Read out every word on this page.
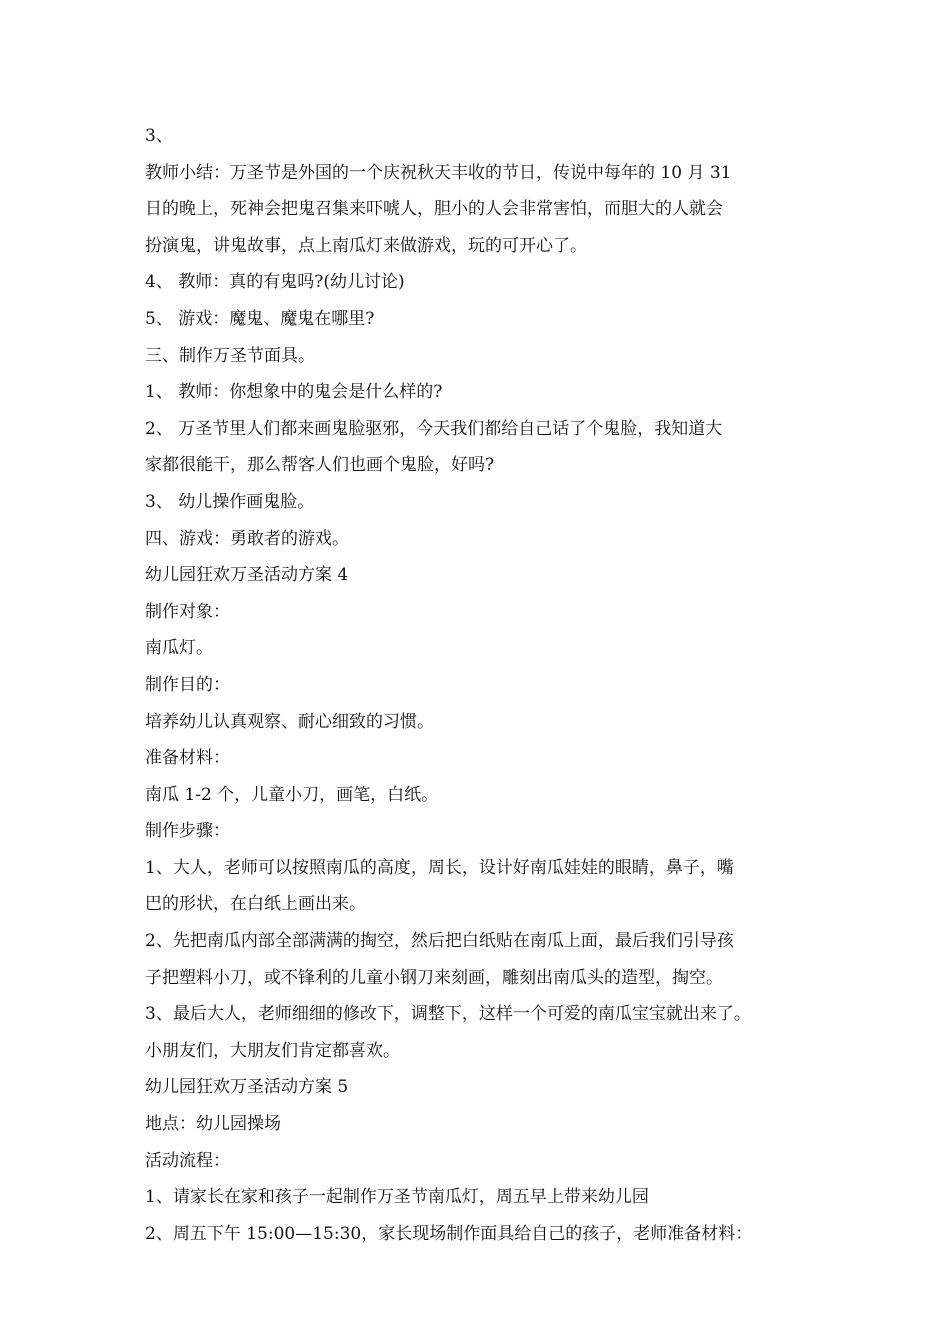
3、
教师小结：万圣节是外国的一个庆祝秋天丰收的节日，传说中每年的 10 月 31
日的晚上，死神会把鬼召集来吓唬人，胆小的人会非常害怕，而胆大的人就会
扮演鬼，讲鬼故事，点上南瓜灯来做游戏，玩的可开心了。
4、 教师：真的有鬼吗?(幼儿讨论)
5、 游戏：魔鬼、魔鬼在哪里?
三、制作万圣节面具。
1、 教师：你想象中的鬼会是什么样的?
2、 万圣节里人们都来画鬼脸驱邪，今天我们都给自己话了个鬼脸，我知道大
家都很能干，那么帮客人们也画个鬼脸，好吗?
3、 幼儿操作画鬼脸。
四、游戏：勇敢者的游戏。
幼儿园狂欢万圣活动方案 4
制作对象：
南瓜灯。
制作目的：
培养幼儿认真观察、耐心细致的习惯。
准备材料：
南瓜 1-2 个，儿童小刀，画笔，白纸。
制作步骤：
1、大人，老师可以按照南瓜的高度，周长，设计好南瓜娃娃的眼睛，鼻子，嘴
巴的形状，在白纸上画出来。
2、先把南瓜内部全部满满的掏空，然后把白纸贴在南瓜上面，最后我们引导孩
子把塑料小刀，或不锋利的儿童小钢刀来刻画，雕刻出南瓜头的造型，掏空。
3、最后大人，老师细细的修改下，调整下，这样一个可爱的南瓜宝宝就出来了。
小朋友们，大朋友们肯定都喜欢。
幼儿园狂欢万圣活动方案 5
地点：幼儿园操场
活动流程：
1、请家长在家和孩子一起制作万圣节南瓜灯，周五早上带来幼儿园
2、周五下午 15:00—15:30，家长现场制作面具给自己的孩子，老师准备材料：
